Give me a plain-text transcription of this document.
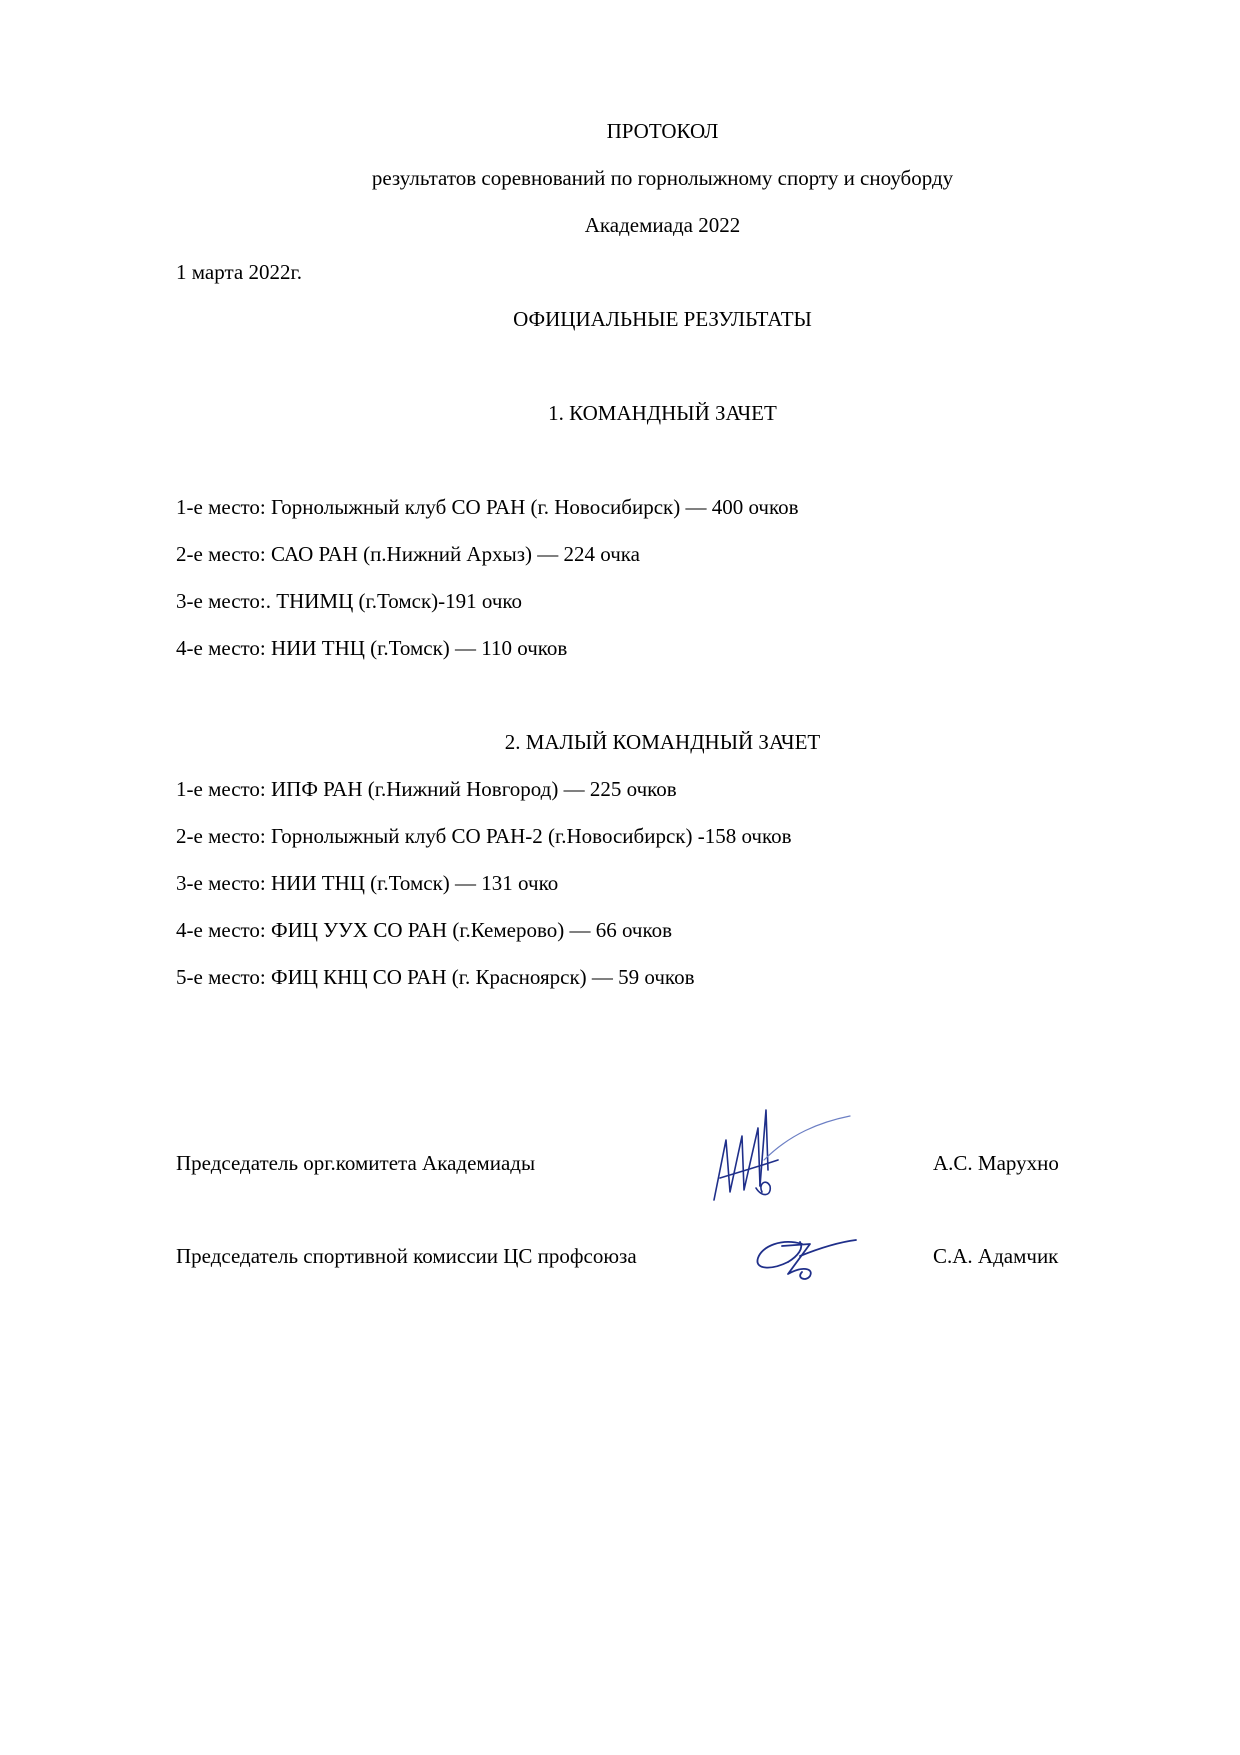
ПРОТОКОЛ
результатов соревнований по горнолыжному спорту и сноуборду
Академиада 2022
1 марта 2022г.
ОФИЦИАЛЬНЫЕ РЕЗУЛЬТАТЫ
1. КОМАНДНЫЙ ЗАЧЕТ
1-е место: Горнолыжный клуб СО РАН (г. Новосибирск) — 400 очков
2-е место: САО РАН (п.Нижний Архыз) — 224 очка
3-е место:. ТНИМЦ (г.Томск)-191 очко
4-е место: НИИ ТНЦ (г.Томск) — 110 очков
2. МАЛЫЙ КОМАНДНЫЙ ЗАЧЕТ
1-е место: ИПФ РАН (г.Нижний Новгород) — 225 очков
2-е место: Горнолыжный клуб СО РАН-2 (г.Новосибирск) -158 очков
3-е место: НИИ ТНЦ (г.Томск) — 131 очко
4-е место: ФИЦ УУХ СО РАН (г.Кемерово) — 66 очков
5-е место: ФИЦ КНЦ СО РАН (г. Красноярск) — 59 очков
Председатель орг.комитета Академиады	А.С. Марухно
Председатель спортивной комиссии ЦС профсоюза	С.А. Адамчик
